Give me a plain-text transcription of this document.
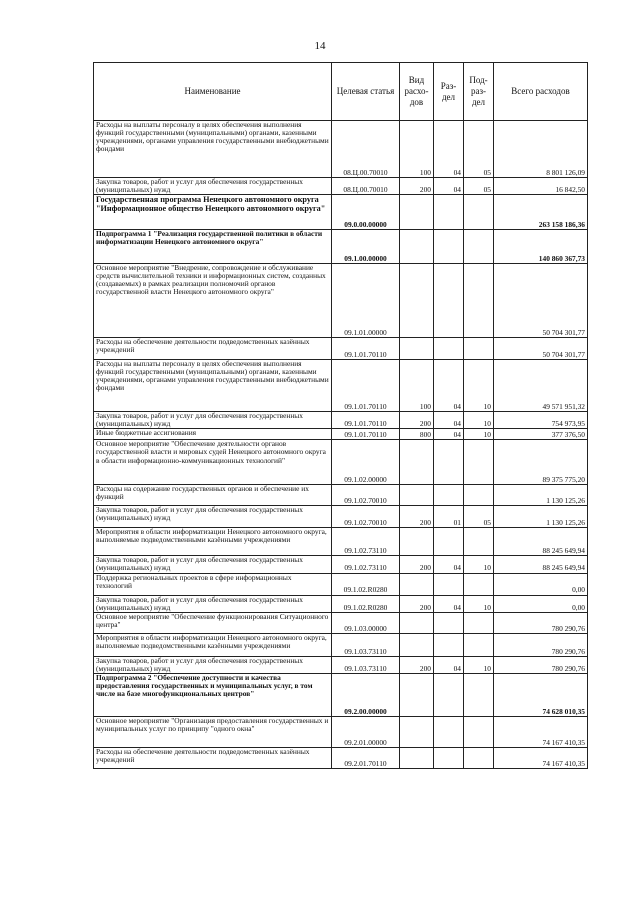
14
Наименование	Целевая статья	Вид расхо-дов	Раз-дел	Под-раз-дел	Всего расходов
Расходы на выплаты персоналу в целях обеспечения выполнения функций государственными (муниципальными) органами, казенными учреждениями, органами управления государственными внебюджетными фондами	08.Ц.00.70010	100	04	05	8 801 126,09
Закупка товаров, работ и услуг для обеспечения государственных (муниципальных) нужд	08.Ц.00.70010	200	04	05	16 842,50
Государственная программа Ненецкого автономного округа "Информационное общество Ненецкого автономного округа"	09.0.00.00000				263 158 186,36
Подпрограмма 1 "Реализация государственной политики в области информатизации Ненецкого автономного округа"	09.1.00.00000				140 860 367,73
Основное мероприятие "Внедрение, сопровождение и обслуживание средств вычислительной техники и информационных систем, созданных (создаваемых) в рамках реализации полномочий органов государственной власти Ненецкого автономного округа"	09.1.01.00000				50 704 301,77
Расходы на обеспечение деятельности подведомственных казённых учреждений	09.1.01.70110				50 704 301,77
Расходы на выплаты персоналу в целях обеспечения выполнения функций государственными (муниципальными) органами, казенными учреждениями, органами управления государственными внебюджетными фондами	09.1.01.70110	100	04	10	49 571 951,32
Закупка товаров, работ и услуг для обеспечения государственных (муниципальных) нужд	09.1.01.70110	200	04	10	754 973,95
Иные бюджетные ассигнования	09.1.01.70110	800	04	10	377 376,50
Основное мероприятие "Обеспечение деятельности органов государственной власти и мировых судей Ненецкого автономного округа в области информационно-коммуникационных технологий"	09.1.02.00000				89 375 775,20
Расходы на содержание государственных органов и обеспечение их функций	09.1.02.70010				1 130 125,26
Закупка товаров, работ и услуг для обеспечения государственных (муниципальных) нужд	09.1.02.70010	200	01	05	1 130 125,26
Мероприятия в области информатизации Ненецкого автономного округа, выполняемые подведомственными казёнными учреждениями	09.1.02.73110				88 245 649,94
Закупка товаров, работ и услуг для обеспечения государственных (муниципальных) нужд	09.1.02.73110	200	04	10	88 245 649,94
Поддержка региональных проектов в сфере информационных технологий	09.1.02.R0280				0,00
Закупка товаров, работ и услуг для обеспечения государственных (муниципальных) нужд	09.1.02.R0280	200	04	10	0,00
Основное мероприятие "Обеспечение функционирования Ситуационного центра"	09.1.03.00000				780 290,76
Мероприятия в области информатизации Ненецкого автономного округа, выполняемые подведомственными казёнными учреждениями	09.1.03.73110				780 290,76
Закупка товаров, работ и услуг для обеспечения государственных (муниципальных) нужд	09.1.03.73110	200	04	10	780 290,76
Подпрограмма 2 "Обеспечение доступности и качества предоставления государственных и муниципальных услуг, в том числе на базе многофункциональных центров"	09.2.00.00000				74 628 010,35
Основное мероприятие "Организация предоставления государственных и муниципальных услуг по принципу "одного окна"	09.2.01.00000				74 167 410,35
Расходы на обеспечение деятельности подведомственных казённых учреждений	09.2.01.70110				74 167 410,35
